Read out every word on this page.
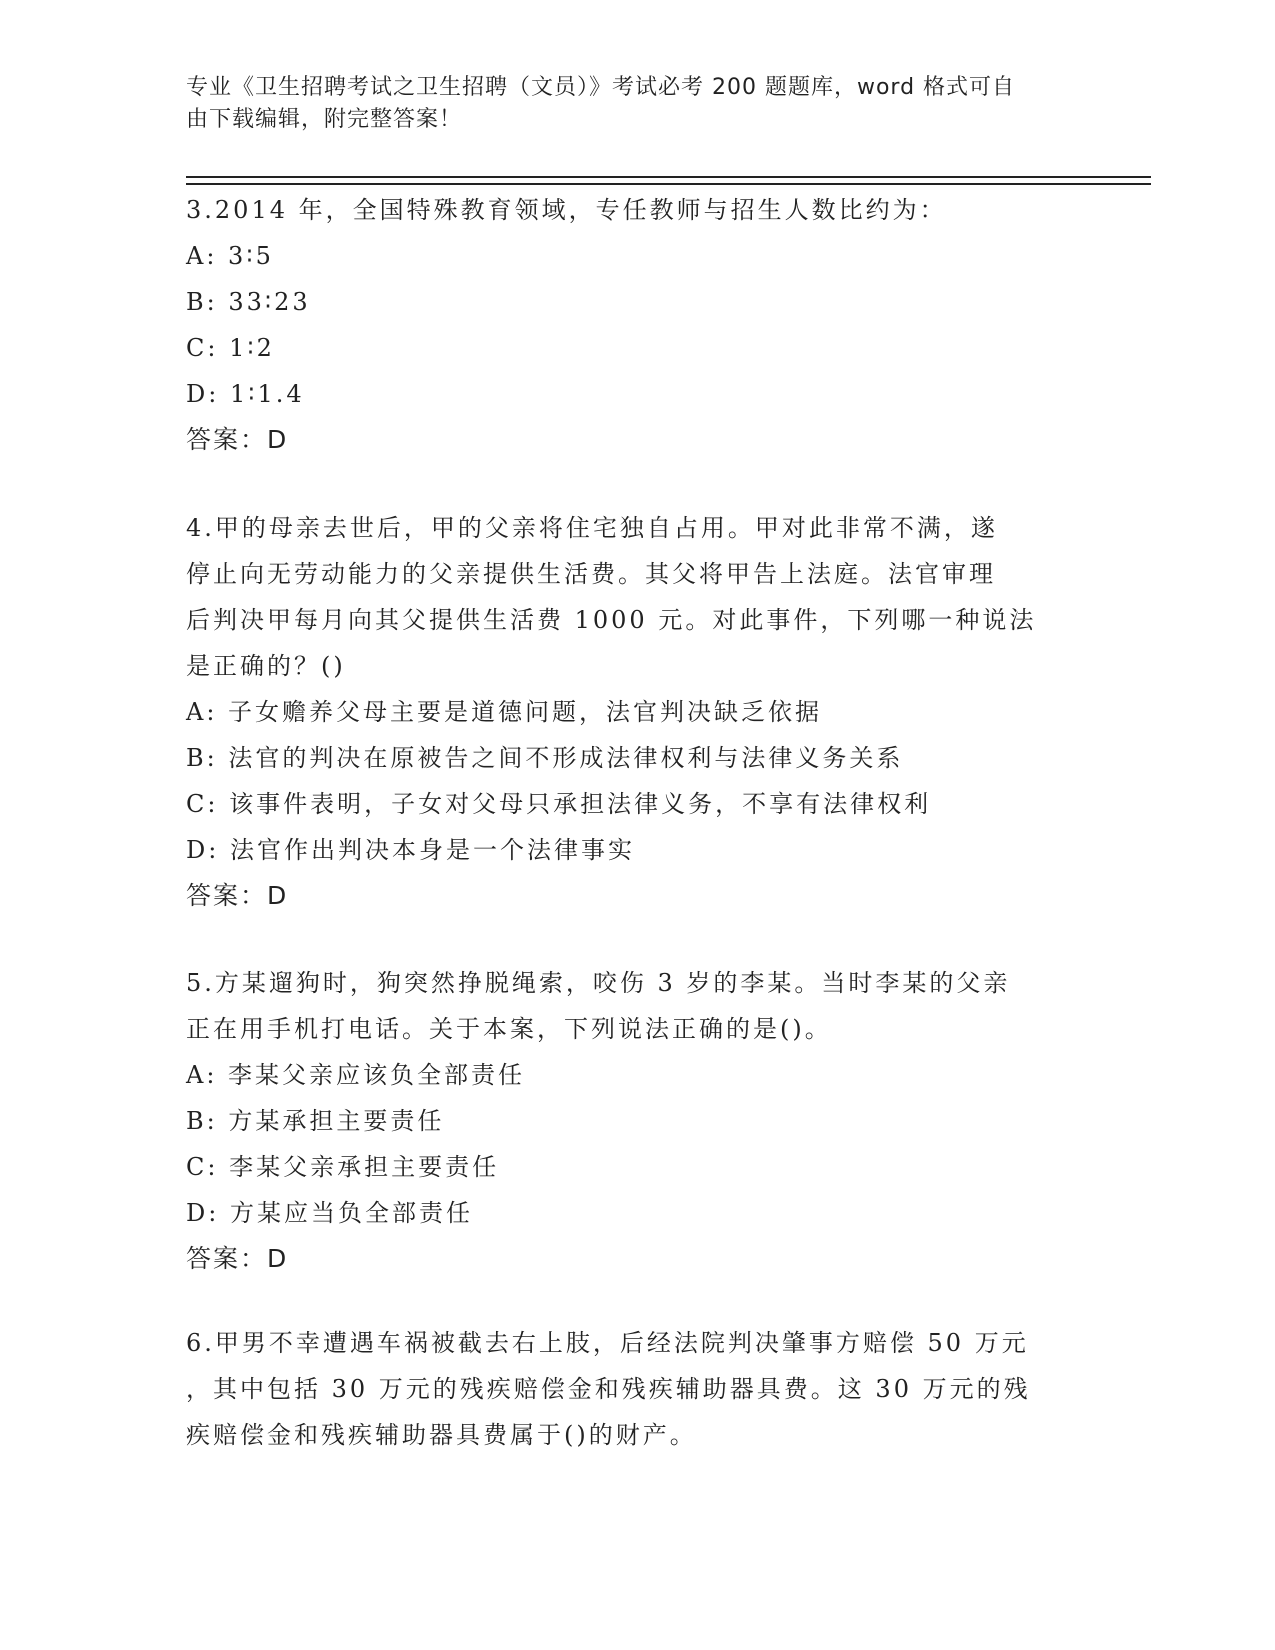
专业《卫生招聘考试之卫生招聘（文员）》考试必考 200 题题库，word 格式可自
由下载编辑，附完整答案！
3.2014 年，全国特殊教育领域，专任教师与招生人数比约为：
A: 3∶5
B: 33∶23
C: 1∶2
D: 1∶1.4
答案：D
4.甲的母亲去世后，甲的父亲将住宅独自占用。甲对此非常不满，遂
停止向无劳动能力的父亲提供生活费。其父将甲告上法庭。法官审理
后判决甲每月向其父提供生活费 1000 元。对此事件，下列哪一种说法
是正确的？()
A: 子女赡养父母主要是道德问题，法官判决缺乏依据
B: 法官的判决在原被告之间不形成法律权利与法律义务关系
C: 该事件表明，子女对父母只承担法律义务，不享有法律权利
D: 法官作出判决本身是一个法律事实
答案：D
5.方某遛狗时，狗突然挣脱绳索，咬伤 3 岁的李某。当时李某的父亲
正在用手机打电话。关于本案，下列说法正确的是()。
A: 李某父亲应该负全部责任
B: 方某承担主要责任
C: 李某父亲承担主要责任
D: 方某应当负全部责任
答案：D
6.甲男不幸遭遇车祸被截去右上肢，后经法院判决肇事方赔偿 50 万元
，其中包括 30 万元的残疾赔偿金和残疾辅助器具费。这 30 万元的残
疾赔偿金和残疾辅助器具费属于()的财产。
